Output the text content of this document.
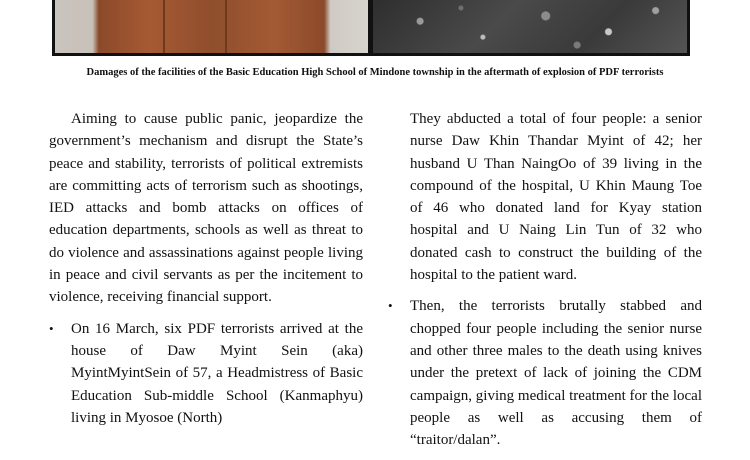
Damages of the facilities of the Basic Education High School of Mindone township in the aftermath of explosion of PDF terrorists

Aiming to cause public panic, jeopardize the government’s mechanism and disrupt the State’s peace and stability, terrorists of political extremists are committing acts of terrorism such as shootings, IED attacks and bomb attacks on offices of education departments, schools as well as threat to do violence and assassinations against people living in peace and civil servants as per the incitement to violence, receiving financial support.

• On 16 March, six PDF terrorists arrived at the house of Daw Myint Sein (aka) MyintMyintSein of 57, a Headmistress of Basic Education Sub-middle School (Kanmaphyu) living in Myosoe (North)

They abducted a total of four people: a senior nurse Daw Khin Thandar Myint of 42; her husband U Than NaingOo of 39 living in the compound of the hospital, U Khin Maung Toe of 46 who donated land for Kyay station hospital and U Naing Lin Tun of 32 who donated cash to construct the building of the hospital to the patient ward.

• Then, the terrorists brutally stabbed and chopped four people including the senior nurse and other three males to the death using knives under the pretext of lack of joining the CDM campaign, giving medical treatment for the local people as well as accusing them of “traitor/dalan”.
